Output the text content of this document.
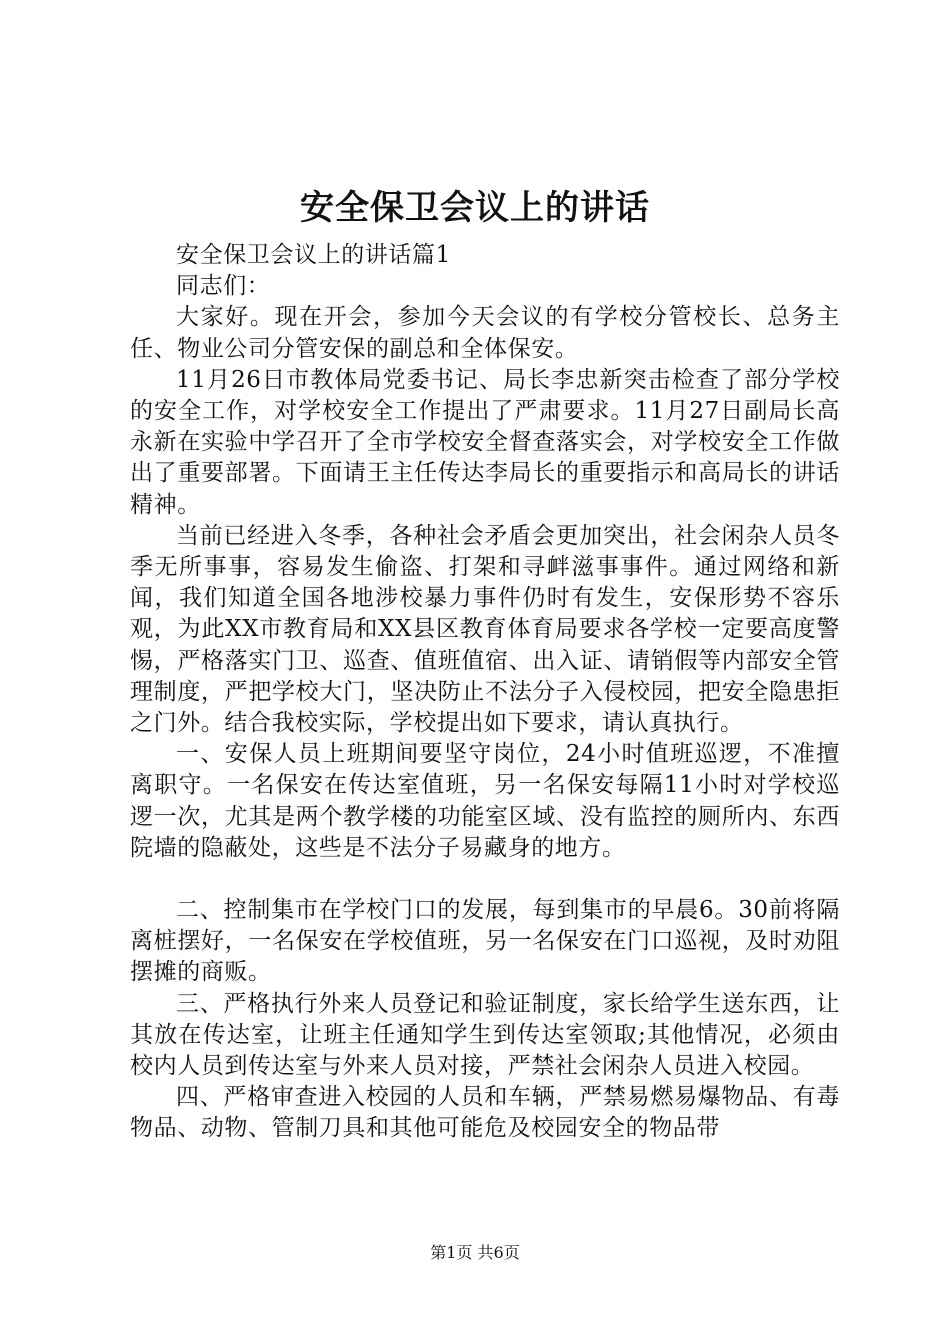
安全保卫会议上的讲话

安全保卫会议上的讲话篇1

同志们：

大家好。现在开会，参加今天会议的有学校分管校长、总务主任、物业公司分管安保的副总和全体保安。

11月26日市教体局党委书记、局长李忠新突击检查了部分学校的安全工作，对学校安全工作提出了严肃要求。11月27日副局长高永新在实验中学召开了全市学校安全督查落实会，对学校安全工作做出了重要部署。下面请王主任传达李局长的重要指示和高局长的讲话精神。

当前已经进入冬季，各种社会矛盾会更加突出，社会闲杂人员冬季无所事事，容易发生偷盗、打架和寻衅滋事事件。通过网络和新闻，我们知道全国各地涉校暴力事件仍时有发生，安保形势不容乐观，为此XX市教育局和XX县区教育体育局要求各学校一定要高度警惕，严格落实门卫、巡查、值班值宿、出入证、请销假等内部安全管理制度，严把学校大门，坚决防止不法分子入侵校园，把安全隐患拒之门外。结合我校实际，学校提出如下要求，请认真执行。

一、安保人员上班期间要坚守岗位，24小时值班巡逻，不准擅离职守。一名保安在传达室值班，另一名保安每隔11小时对学校巡逻一次，尤其是两个教学楼的功能室区域、没有监控的厕所内、东西院墙的隐蔽处，这些是不法分子易藏身的地方。

二、控制集市在学校门口的发展，每到集市的早晨6。30前将隔离桩摆好，一名保安在学校值班，另一名保安在门口巡视，及时劝阻摆摊的商贩。

三、严格执行外来人员登记和验证制度，家长给学生送东西，让其放在传达室，让班主任通知学生到传达室领取;其他情况，必须由校内人员到传达室与外来人员对接，严禁社会闲杂人员进入校园。

四、严格审查进入校园的人员和车辆，严禁易燃易爆物品、有毒物品、动物、管制刀具和其他可能危及校园安全的物品带

第1页 共6页
